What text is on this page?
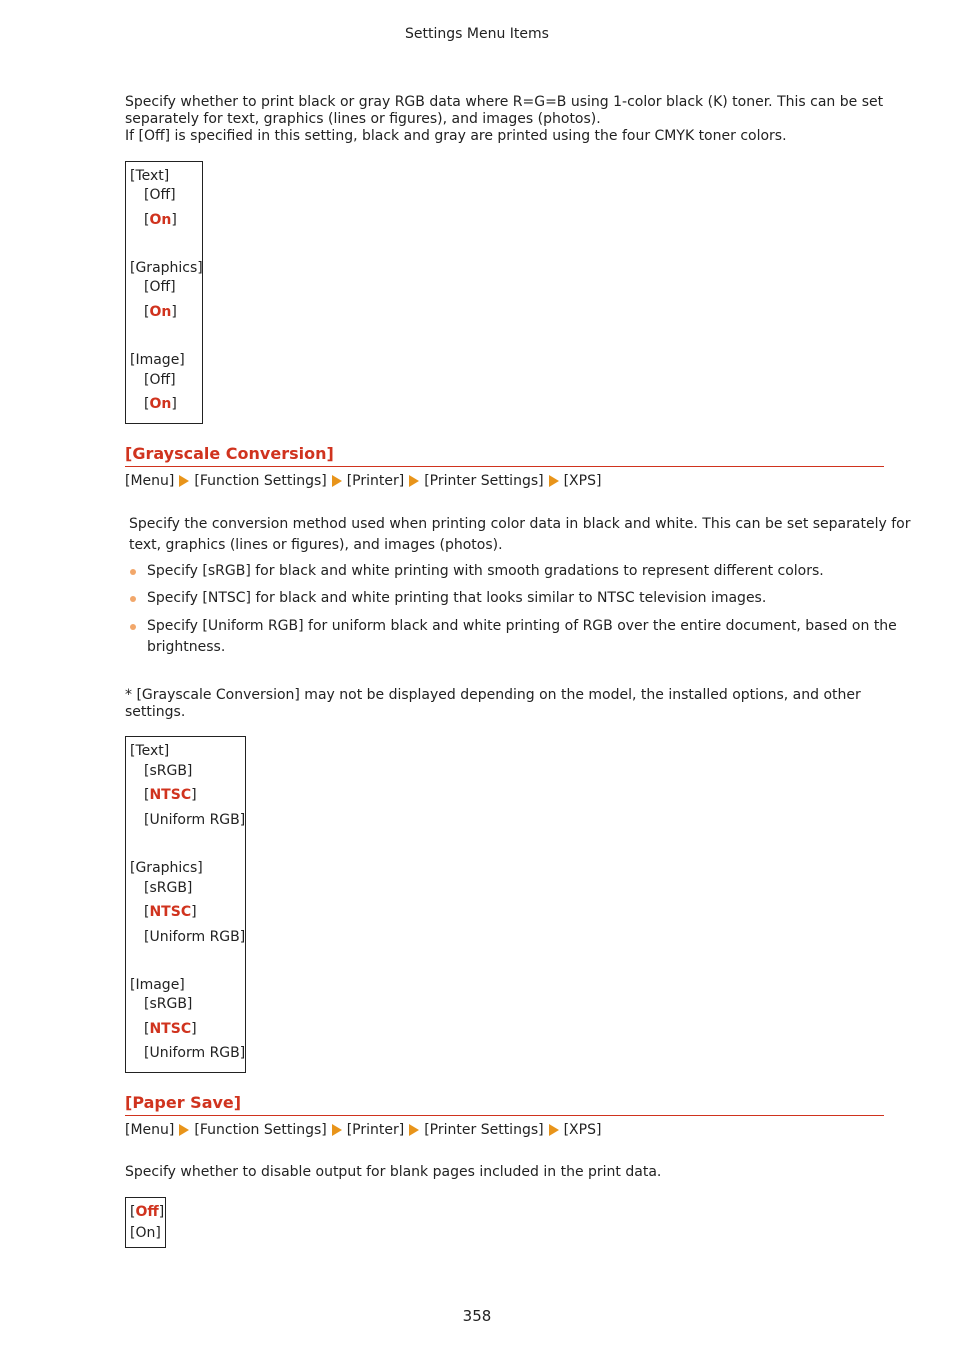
Settings Menu Items
Specify whether to print black or gray RGB data where R=G=B using 1-color black (K) toner. This can be set
separately for text, graphics (lines or figures), and images (photos).
If [Off] is specified in this setting, black and gray are printed using the four CMYK toner colors.
[Text]
[Off]
[On]
[Graphics]
[Off]
[On]
[Image]
[Off]
[On]
[Grayscale Conversion]
[Menu] [Function Settings] [Printer] [Printer Settings] [XPS]
Specify the conversion method used when printing color data in black and white. This can be set separately for
text, graphics (lines or figures), and images (photos).
Specify [sRGB] for black and white printing with smooth gradations to represent different colors.
Specify [NTSC] for black and white printing that looks similar to NTSC television images.
Specify [Uniform RGB] for uniform black and white printing of RGB over the entire document, based on the
brightness.
* [Grayscale Conversion] may not be displayed depending on the model, the installed options, and other
settings.
[Text]
[sRGB]
[NTSC]
[Uniform RGB]
[Graphics]
[sRGB]
[NTSC]
[Uniform RGB]
[Image]
[sRGB]
[NTSC]
[Uniform RGB]
[Paper Save]
[Menu] [Function Settings] [Printer] [Printer Settings] [XPS]
Specify whether to disable output for blank pages included in the print data.
[Off]
[On]
358
